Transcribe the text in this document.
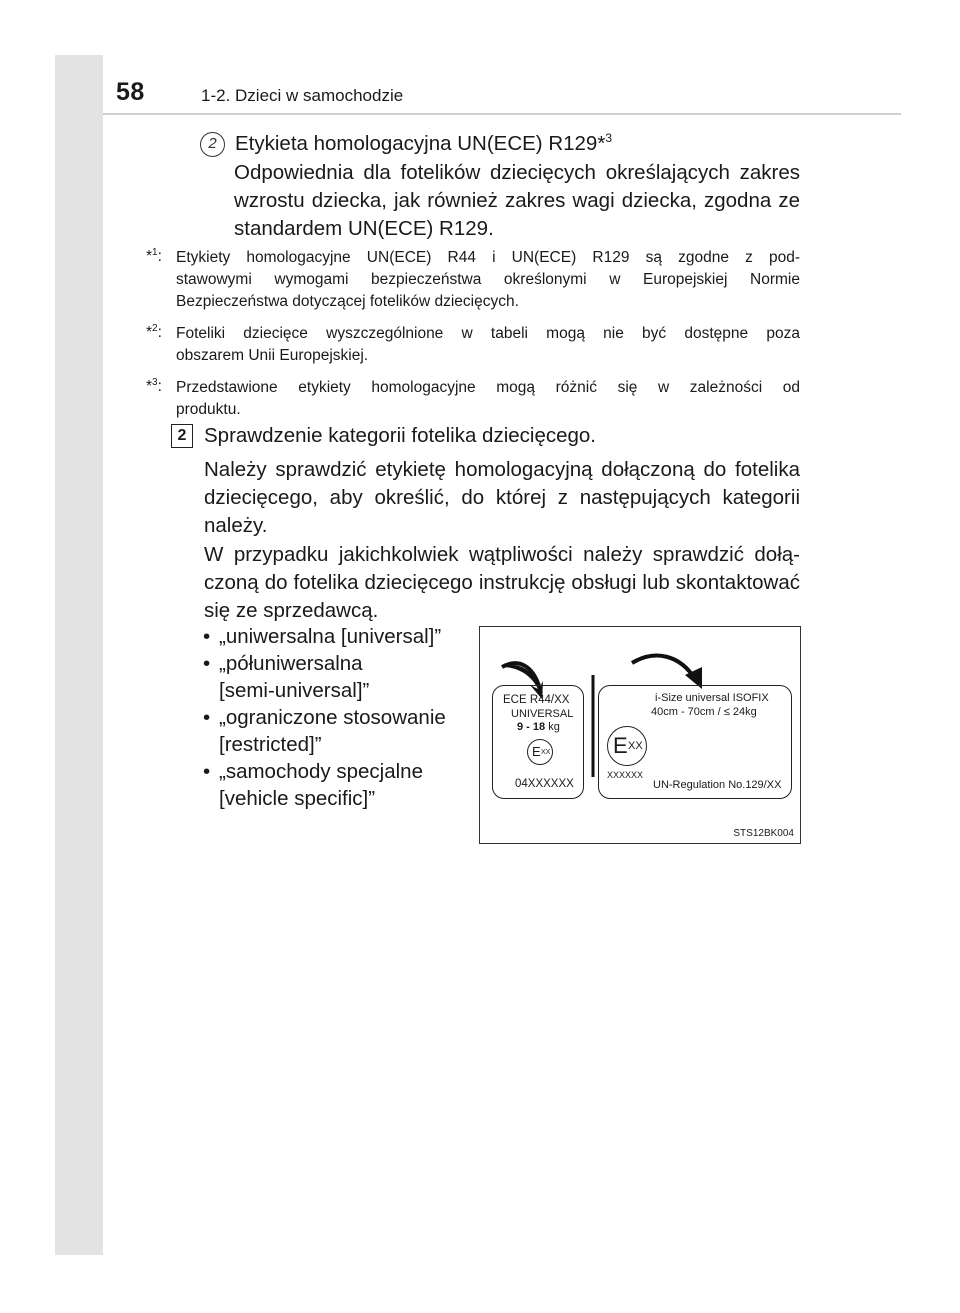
58	1-2. Dzieci w samochodzie
2 Etykieta homologacyjna UN(ECE) R129*$^3$
Odpowiednia dla fotelików dziecięcych określających zakres
wzrostu dziecka, jak również zakres wagi dziecka, zgodna ze
standardem UN(ECE) R129.
*$^1$: Etykiety homologacyjne UN(ECE) R44 i UN(ECE) R129 są zgodne z pod-
stawowymi wymogami bezpieczeństwa określonymi w Europejskiej Normie
Bezpieczeństwa dotyczącej fotelików dziecięcych.
*$^2$: Foteliki dziecięce wyszczególnione w tabeli mogą nie być dostępne poza
obszarem Unii Europejskiej.
*$^3$: Przedstawione etykiety homologacyjne mogą różnić się w zależności od
produktu.
2 Sprawdzenie kategorii fotelika dziecięcego.
Należy sprawdzić etykietę homologacyjną dołączoną do fotelika
dziecięcego, aby określić, do której z następujących kategorii
należy.
W przypadku jakichkolwiek wątpliwości należy sprawdzić dołą-
czoną do fotelika dziecięcego instrukcję obsługi lub skontaktować
się ze sprzedawcą.
• „uniwersalna [universal]”
• „półuniwersalna
[semi-universal]”
• „ograniczone stosowanie
[restricted]”
• „samochody specjalne
[vehicle specific]”
ECE R44/XX
UNIVERSAL
9 - 18 kg
E XX
04XXXXXX
i-Size universal ISOFIX
40cm - 70cm / ≤ 24kg
E XX
XXXXXX
UN-Regulation No.129/XX
STS12BK004
